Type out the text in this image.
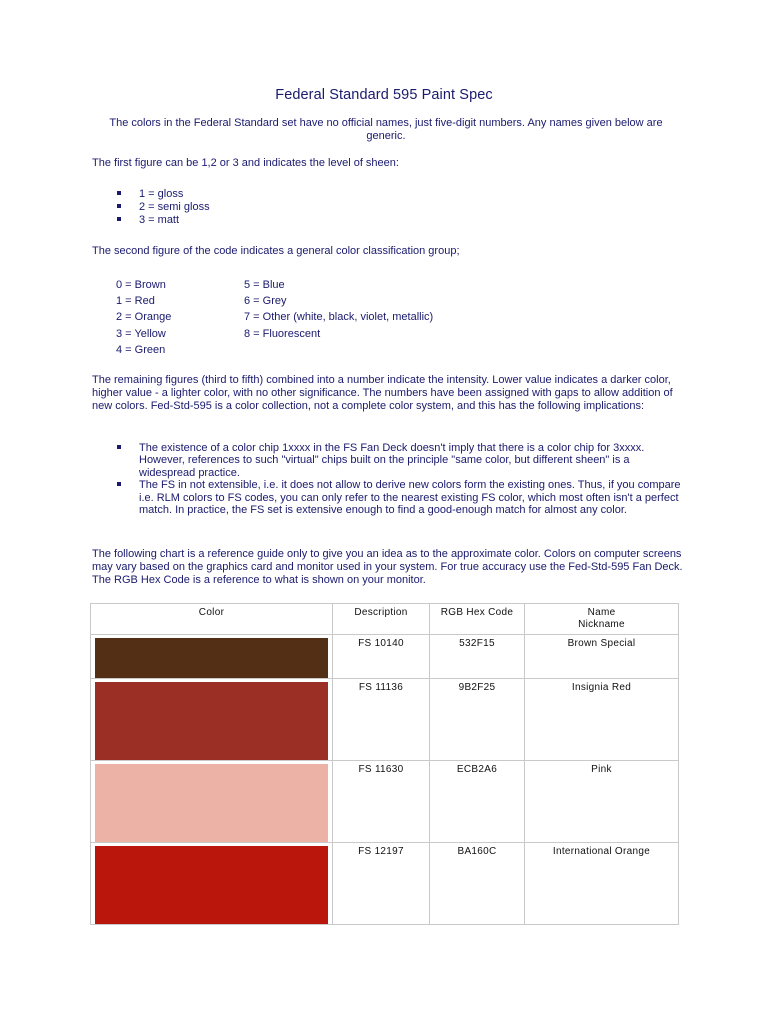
Federal Standard 595 Paint Spec
The colors in the Federal Standard set have no official names, just five-digit numbers. Any names given below are generic.

The first figure can be 1,2 or 3 and indicates the level of sheen:

1 = gloss
2 = semi gloss
3 = matt

The second figure of the code indicates a general color classification group;

0 = Brown
1 = Red
2 = Orange
3 = Yellow
4 = Green
5 = Blue
6 = Grey
7 = Other (white, black, violet, metallic)
8 = Fluorescent

The remaining figures (third to fifth) combined into a number indicate the intensity. Lower value indicates a darker color, higher value - a lighter color, with no other significance. The numbers have been assigned with gaps to allow addition of new colors. Fed-Std-595 is a color collection, not a complete color system, and this has the following implications:

The existence of a color chip 1xxxx in the FS Fan Deck doesn't imply that there is a color chip for 3xxxx. However, references to such "virtual" chips built on the principle "same color, but different sheen" is a widespread practice.
The FS in not extensible, i.e. it does not allow to derive new colors form the existing ones. Thus, if you compare i.e. RLM colors to FS codes, you can only refer to the nearest existing FS color, which most often isn't a perfect match. In practice, the FS set is extensive enough to find a good-enough match for almost any color.

The following chart is a reference guide only to give you an idea as to the approximate color. Colors on computer screens may vary based on the graphics card and monitor used in your system. For true accuracy use the Fed-Std-595 Fan Deck. The RGB Hex Code is a reference to what is shown on your monitor.

Color	Description	RGB Hex Code	Name
Nickname

	FS 10140	532F15	Brown Special

	FS 11136	9B2F25	Insignia Red

	FS 11630	ECB2A6	Pink

	FS 12197	BA160C	International Orange
